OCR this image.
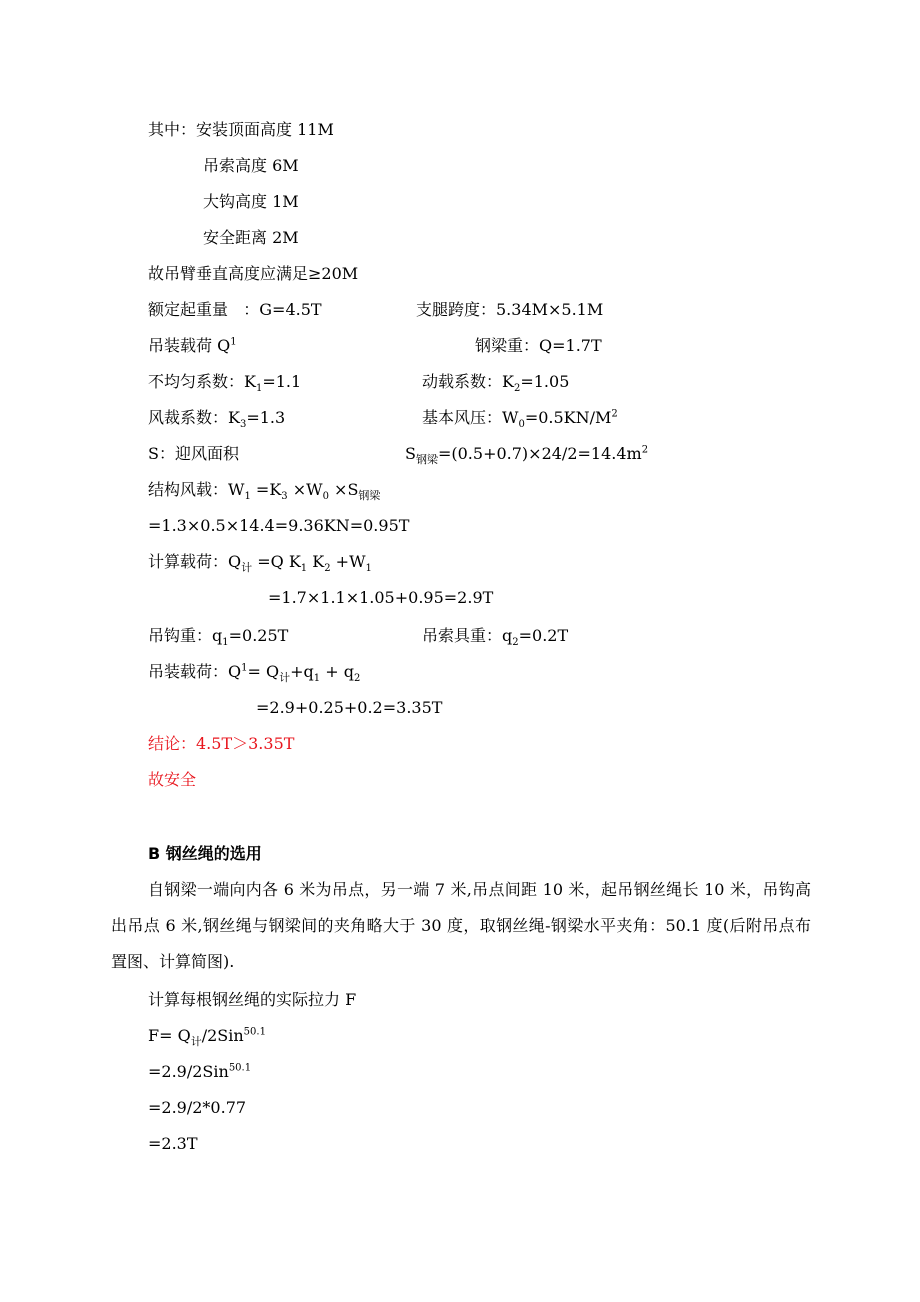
其中：安装顶面高度 11M
吊索高度 6M
大钩高度 1M
安全距离 2M
故吊臂垂直高度应满足≥20M
额定起重量   ：G=4.5T	支腿跨度：5.34M×5.1M
吊装载荷 $Q^1$	钢梁重：Q=1.7T
不均匀系数：$K_1=1.1$	动载系数：$K_2=1.05$
风裁系数：$K_3=1.3$	基本风压：$W_0=0.5KN/M^2$
S：迎风面积	$S_{钢梁}=(0.5+0.7)\times 24/2=14.4m^2$
结构风载：$W_1 =K_3 \times W_0 \times S_{钢梁}$
=1.3×0.5×14.4=9.36KN=0.95T
计算载荷：$Q_计 =Q$ $K_1$ $K_2 +W_1$
=1.7×1.1×1.05+0.95=2.9T
吊钩重：$q_1=0.25T$	吊索具重：$q_2=0.2T$
吊装载荷：$Q^1= Q_计+q_1 + q_2$
=2.9+0.25+0.2=3.35T
结论：4.5T＞3.35T
故安全
B 钢丝绳的选用
自钢梁一端向内各 6 米为吊点，另一端 7 米,吊点间距 10 米，起吊钢丝绳长 10 米，吊钩高出吊点 6 米,钢丝绳与钢梁间的夹角略大于 30 度，取钢丝绳-钢梁水平夹角：50.1 度(后附吊点布置图、计算简图).
计算每根钢丝绳的实际拉力 F
$F= Q_计/2Sin^{50.1}$
=2.9/2Sin$^{50.1}$
=2.9/2*0.77
=2.3T
